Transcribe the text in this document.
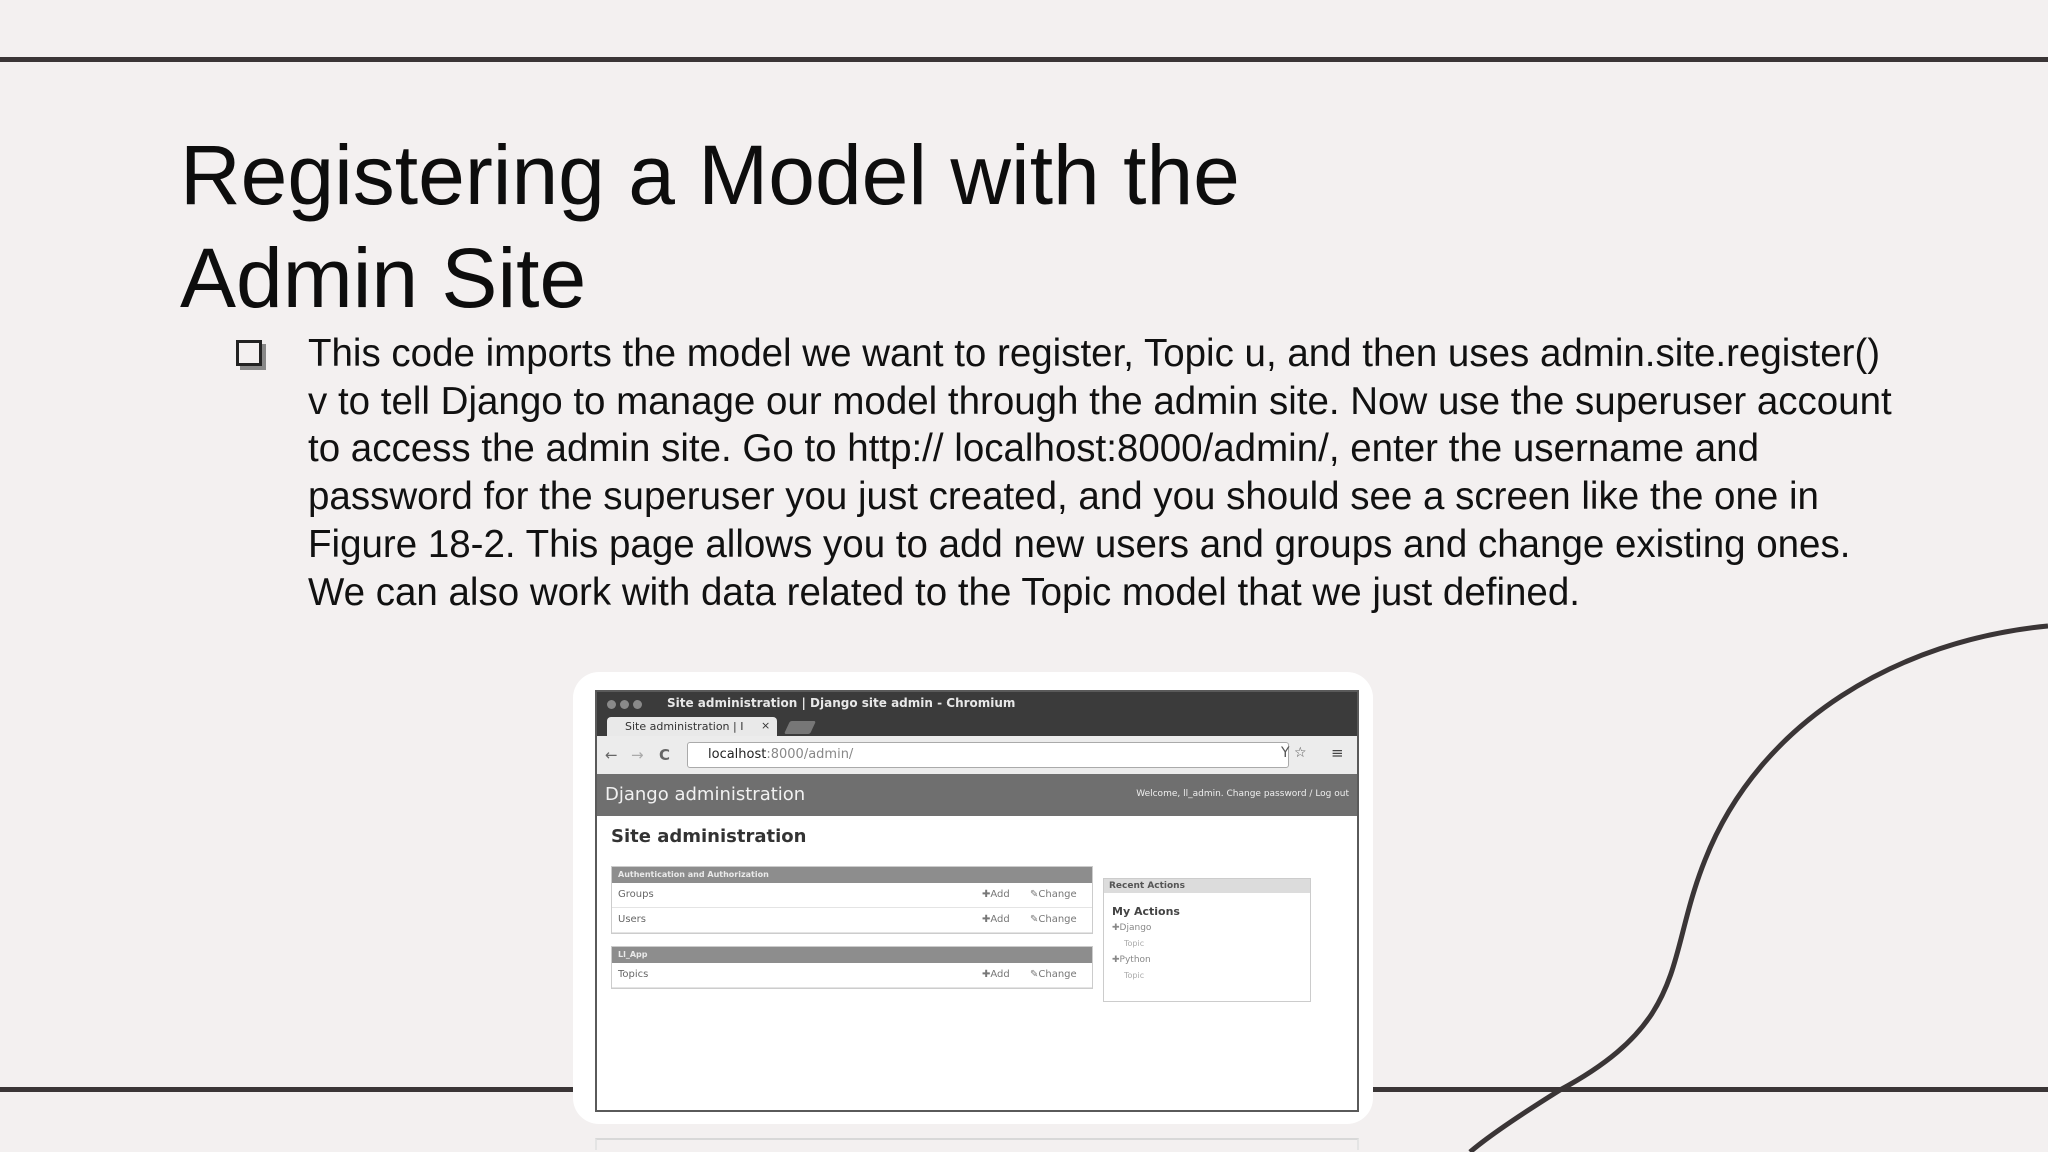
Registering a Model with the
Admin Site
This code imports the model we want to register, Topic u, and then uses admin.site.register() v to tell Django to manage our model through the admin site. Now use the superuser account to access the admin site. Go to http:// localhost:8000/admin/, enter the username and password for the superuser you just created, and you should see a screen like the one in Figure 18-2. This page allows you to add new users and groups and change existing ones. We can also work with data related to the Topic model that we just defined.
Site administration | Django site admin - Chromium
Site administration | I ×
← → C	localhost:8000/admin/	Y ☆ ≡
Django administration	Welcome, ll_admin. Change password / Log out
Site administration
Authentication and Authorization
Groups	✚Add ✎Change
Users	✚Add ✎Change
Ll_App
Topics	✚Add ✎Change
Recent Actions
My Actions
✚Django
Topic
✚Python
Topic
